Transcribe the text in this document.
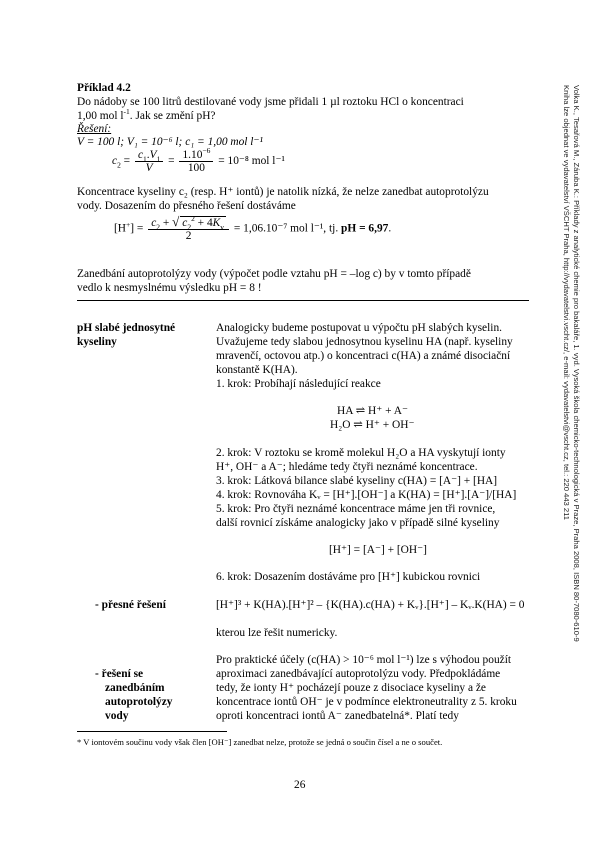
Volka K., Tesařová M., Záruba K.: Příklady z analytické chemie pro bakaláře, 1. vyd. Vysoká škola chemicko-technologická v Praze, Praha 2008, ISBN 80-7080-610-9
Kniha lze objednat ve vydavatelství VŠCHT Praha, http://vydavatelstvi.vscht.cz/, e-mail: vydavatelstvi@vscht.cz, tel.: 220 443 211
Příklad 4.2
Do nádoby se 100 litrů destilované vody jsme přidali 1 µl roztoku HCl o koncentraci
1,00 mol $l^{-1}$. Jak se změní pH?
Řešení:
V = 100 l; V₁ = 10⁻⁶ l; c₁ = 1,00 mol l⁻¹
$c_2 = \frac{c_1.V_1}{V} = \frac{1.10^{-6}}{100} = 10^{-8}$ mol l⁻¹
Koncentrace kyseliny c₂ (resp. H⁺ iontů) je natolik nízká, že nelze zanedbat autoprotolýzu
vody. Dosazením do přesného řešení dostáváme
$[H^+] = \frac{c_2 + √ c_2^2 + 4K_v}{2} = 1,06.10^{-7}$ mol l⁻¹, tj. pH = 6,97.
Zanedbání autoprotolýzy vody (výpočet podle vztahu pH = –log c) by v tomto případě
vedlo k nesmyslnému výsledku pH = 8 !
pH slabé jednosytné
kyseliny
Analogicky budeme postupovat u výpočtu pH slabých kyselin.
Uvažujeme tedy slabou jednosytnou kyselinu HA (např. kyseliny
mravenčí, octovou atp.) o koncentraci c(HA) a známé disociační
konstantě K(HA).
1. krok: Probíhají následující reakce
HA ⇌ H⁺ + A⁻
H₂O ⇌ H⁺ + OH⁻
2. krok: V roztoku se kromě molekul H₂O a HA vyskytují ionty
H⁺, OH⁻ a A⁻; hledáme tedy čtyři neznámé koncentrace.
3. krok: Látková bilance slabé kyseliny c(HA) = [A⁻] + [HA]
4. krok: Rovnováha Kᵥ = [H⁺].[OH⁻] a K(HA) = [H⁺].[A⁻]/[HA]
5. krok: Pro čtyři neznámé koncentrace máme jen tři rovnice,
další rovnicí získáme analogicky jako v případě silné kyseliny
[H⁺] = [A⁻] + [OH⁻]
6. krok: Dosazením dostáváme pro [H⁺] kubickou rovnici
- přesné řešení	[H⁺]³ + K(HA).[H⁺]² – {K(HA).c(HA) + Kᵥ}.[H⁺] – Kᵥ.K(HA) = 0
kterou lze řešit numericky.
- řešení se
zanedbáním
autoprotolýzy
vody
Pro praktické účely (c(HA) > 10⁻⁶ mol l⁻¹) lze s výhodou použít
aproximaci zanedbávající autoprotolýzu vody. Předpokládáme
tedy, že ionty H⁺ pocházejí pouze z disociace kyseliny a že
koncentrace iontů OH⁻ je v podmínce elektroneutrality z 5. kroku
oproti koncentraci iontů A⁻ zanedbatelná*. Platí tedy
* V iontovém součinu vody však člen [OH⁻] zanedbat nelze, protože se jedná o součin čísel a ne o součet.
26
